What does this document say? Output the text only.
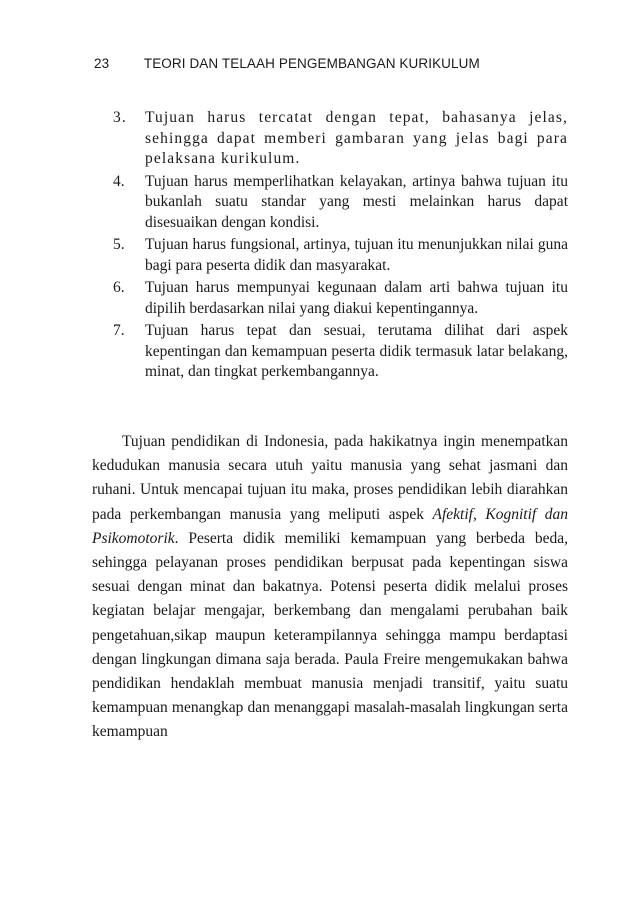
23	TEORI DAN TELAAH PENGEMBANGAN KURIKULUM
3.	Tujuan harus tercatat dengan tepat, bahasanya jelas, sehingga dapat memberi gambaran yang jelas bagi para pelaksana kurikulum.
4.	Tujuan harus memperlihatkan kelayakan, artinya bahwa tujuan itu bukanlah suatu standar yang mesti melainkan harus dapat disesuaikan dengan kondisi.
5.	Tujuan harus fungsional, artinya, tujuan itu menunjukkan nilai guna bagi para peserta didik dan masyarakat.
6.	Tujuan harus mempunyai kegunaan dalam arti bahwa tujuan itu dipilih berdasarkan nilai yang diakui kepentingannya.
7.	Tujuan harus tepat dan sesuai, terutama dilihat dari aspek kepentingan dan kemampuan peserta didik termasuk latar belakang, minat, dan tingkat perkembangannya.

Tujuan pendidikan di Indonesia, pada hakikatnya ingin menempatkan kedudukan manusia secara utuh yaitu manusia yang sehat jasmani dan ruhani. Untuk mencapai tujuan itu maka, proses pendidikan lebih diarahkan pada perkembangan manusia yang meliputi aspek Afektif, Kognitif dan Psikomotorik. Peserta didik memiliki kemampuan yang berbeda beda, sehingga pelayanan proses pendidikan berpusat pada kepentingan siswa sesuai dengan minat dan bakatnya. Potensi peserta didik melalui proses kegiatan belajar mengajar, berkembang dan mengalami perubahan baik pengetahuan,sikap maupun keterampilannya sehingga mampu berdaptasi dengan lingkungan dimana saja berada. Paula Freire mengemukakan bahwa pendidikan hendaklah membuat manusia menjadi transitif, yaitu suatu kemampuan menangkap dan menanggapi masalah-masalah lingkungan serta kemampuan
